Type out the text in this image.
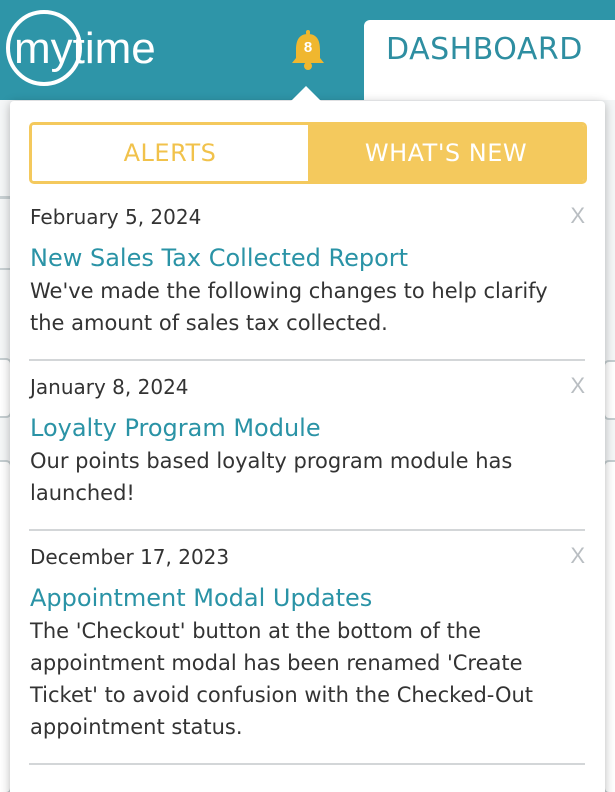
mytime	8	DASHBOARD
ALERTS	WHAT'S NEW
X

February 5, 2024

New Sales Tax Collected Report

We've made the following changes to help clarify the amount of sales tax collected.

X

January 8, 2024

Loyalty Program Module

Our points based loyalty program module has launched!

X

December 17, 2023

Appointment Modal Updates

The 'Checkout' button at the bottom of the appointment modal has been renamed 'Create Ticket' to avoid confusion with the Checked-Out appointment status.
